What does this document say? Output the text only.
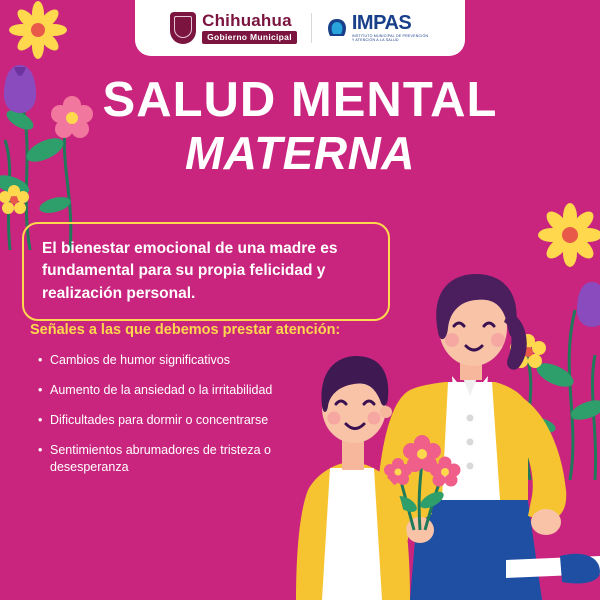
Chihuahua
Gobierno Municipal
IMPAS
INSTITUTO MUNICIPAL DE PREVENCIÓN Y ATENCIÓN A LA SALUD
SALUD MENTAL
MATERNA
El bienestar emocional de una madre es fundamental para su propia felicidad y realización personal.
Señales a las que debemos prestar atención:
• Cambios de humor significativos
• Aumento de la ansiedad o la irritabilidad
• Dificultades para dormir o concentrarse
• Sentimientos abrumadores de tristeza o desesperanza
